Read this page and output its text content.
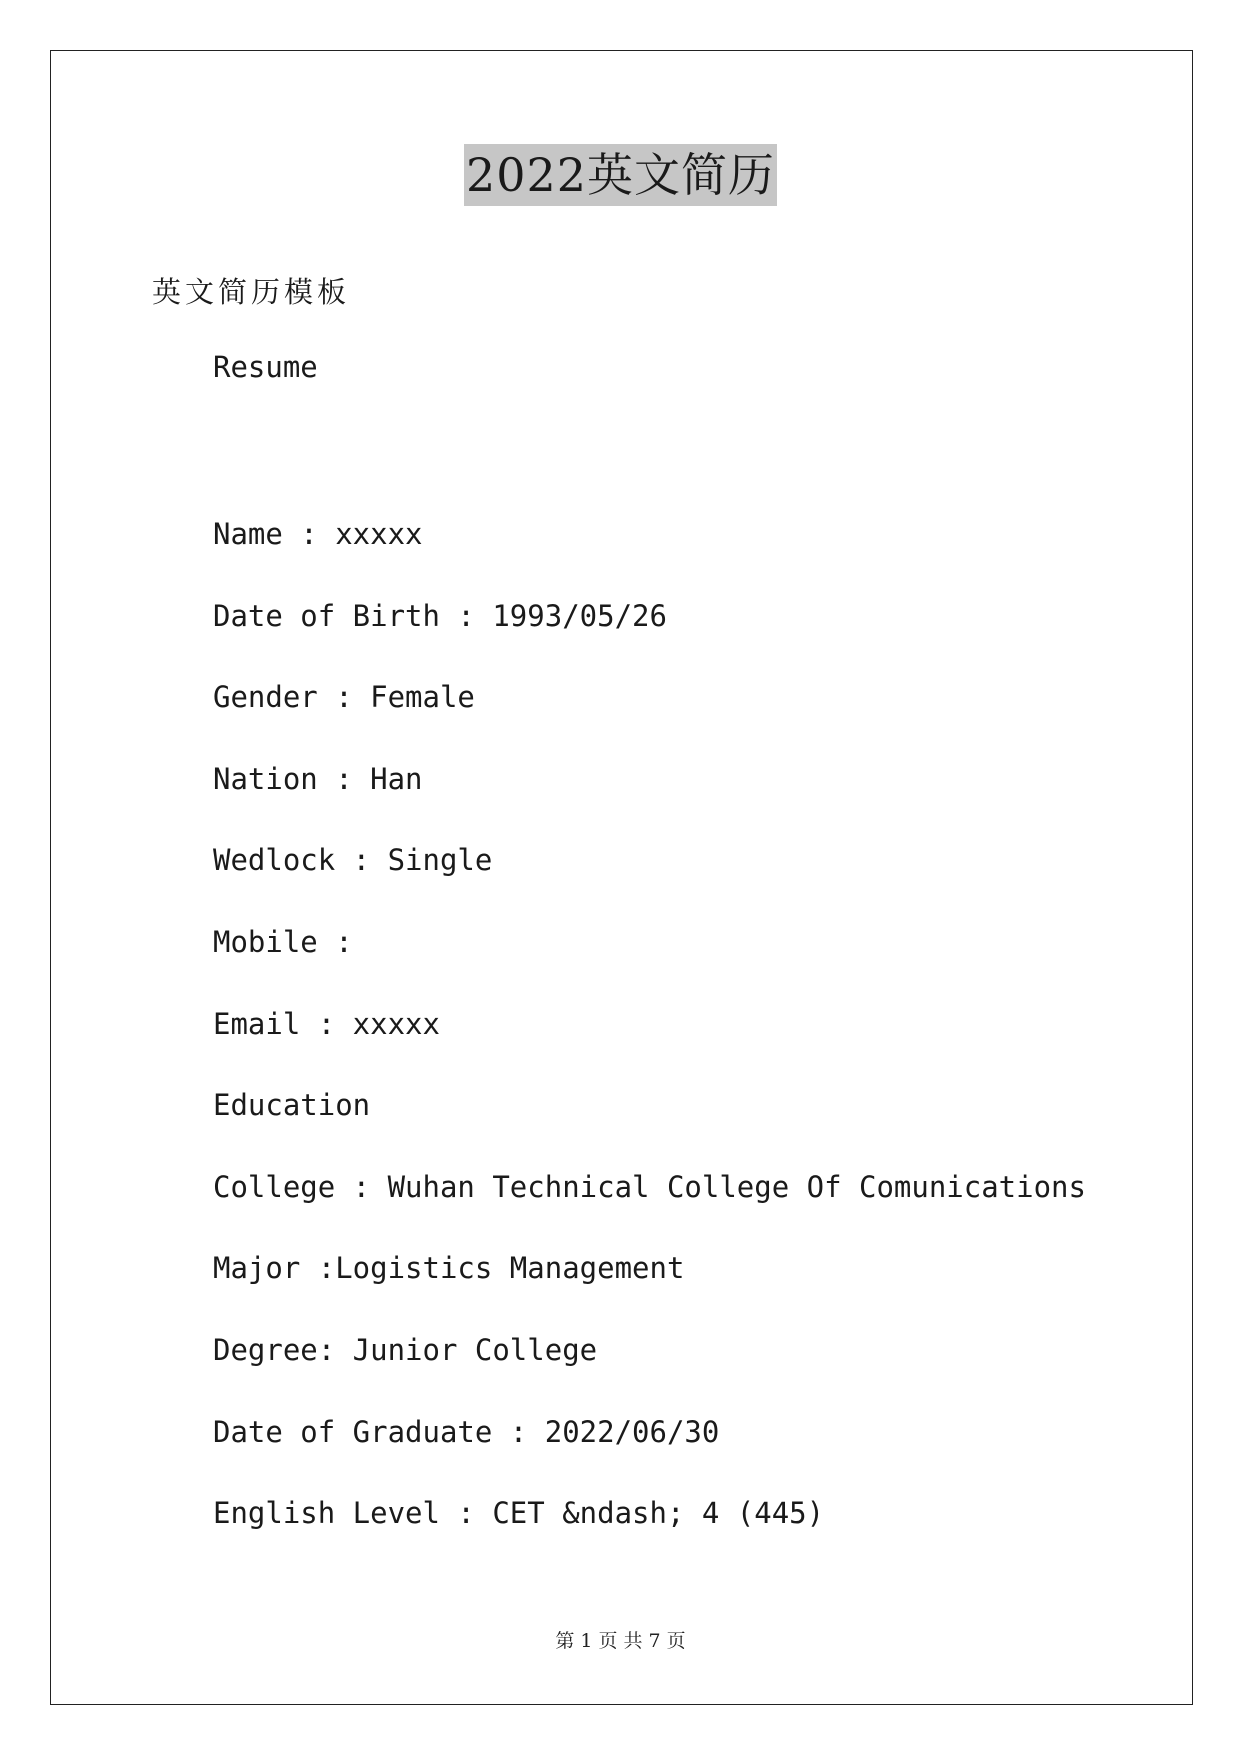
2022英文简历
英文简历模板
Resume
Name : xxxxx
Date of Birth : 1993/05/26
Gender : Female
Nation : Han
Wedlock : Single
Mobile :
Email : xxxxx
Education
College : Wuhan Technical College Of Comunications
Major :Logistics Management
Degree: Junior College
Date of Graduate : 2022/06/30
English Level : CET &ndash; 4 (445)
第 1 页 共 7 页
